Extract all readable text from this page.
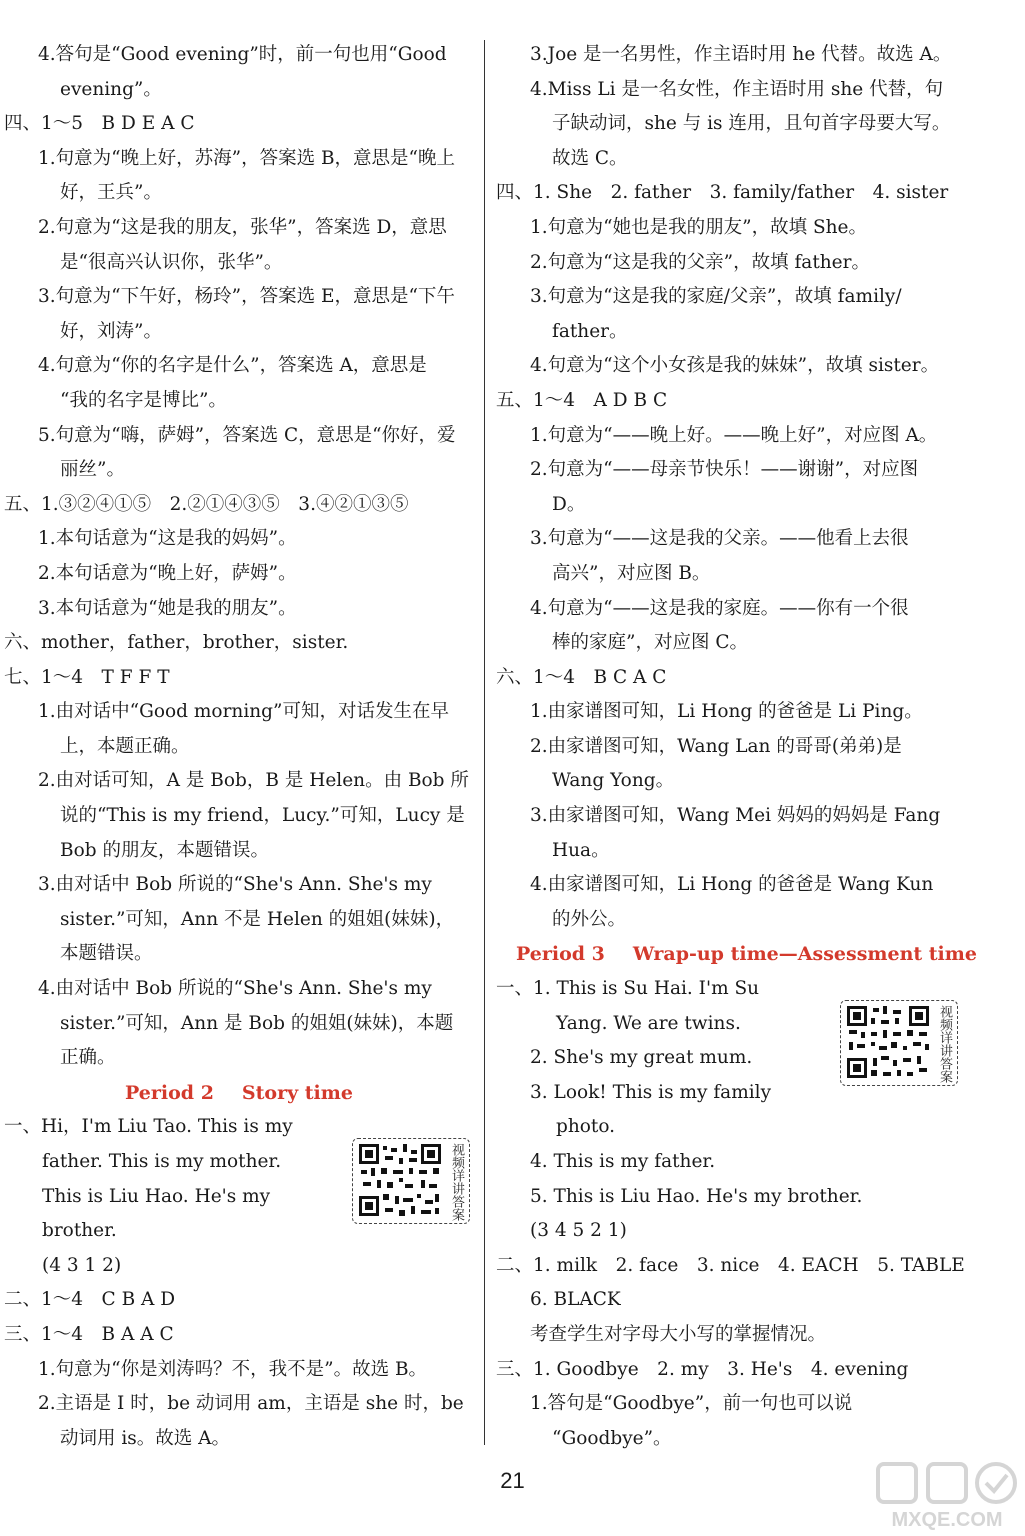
4.答句是“Good evening”时，前一句也用“Good
evening”。
四、1～5　B D E A C
1.句意为“晚上好，苏海”，答案选 B，意思是“晚上
好，王兵”。
2.句意为“这是我的朋友，张华”，答案选 D，意思
是“很高兴认识你，张华”。
3.句意为“下午好，杨玲”，答案选 E，意思是“下午
好，刘涛”。
4.句意为“你的名字是什么”，答案选 A，意思是
“我的名字是博比”。
5.句意为“嗨，萨姆”，答案选 C，意思是“你好，爱
丽丝”。
五、1.③②④①⑤　2.②①④③⑤　3.④②①③⑤
1.本句话意为“这是我的妈妈”。
2.本句话意为“晚上好，萨姆”。
3.本句话意为“她是我的朋友”。
六、mother，father，brother，sister.
七、1～4　T F F T
1.由对话中“Good morning”可知，对话发生在早
上，本题正确。
2.由对话可知，A 是 Bob，B 是 Helen。由 Bob 所
说的“This is my friend，Lucy.”可知，Lucy 是
Bob 的朋友，本题错误。
3.由对话中 Bob 所说的“She's Ann. She's my
sister.”可知，Ann 不是 Helen 的姐姐(妹妹)，
本题错误。
4.由对话中 Bob 所说的“She's Ann. She's my
sister.”可知，Ann 是 Bob 的姐姐(妹妹)，本题
正确。
Period 2 Story time
一、Hi，I'm Liu Tao. This is my
father. This is my mother.
This is Liu Hao. He's my
brother.
(4 3 1 2)
二、1～4　C B A D
三、1～4　B A A C
1.句意为“你是刘涛吗？不，我不是”。故选 B。
2.主语是 I 时，be 动词用 am，主语是 she 时，be
动词用 is。故选 A。
3.Joe 是一名男性，作主语时用 he 代替。故选 A。
4.Miss Li 是一名女性，作主语时用 she 代替，句
子缺动词，she 与 is 连用，且句首字母要大写。
故选 C。
四、1. She　2. father　3. family/father　4. sister
1.句意为“她也是我的朋友”，故填 She。
2.句意为“这是我的父亲”，故填 father。
3.句意为“这是我的家庭/父亲”，故填 family/
father。
4.句意为“这个小女孩是我的妹妹”，故填 sister。
五、1～4　A D B C
1.句意为“——晚上好。——晚上好”，对应图 A。
2.句意为“——母亲节快乐！——谢谢”，对应图
D。
3.句意为“——这是我的父亲。——他看上去很
高兴”，对应图 B。
4.句意为“——这是我的家庭。——你有一个很
棒的家庭”，对应图 C。
六、1～4　B C A C
1.由家谱图可知，Li Hong 的爸爸是 Li Ping。
2.由家谱图可知，Wang Lan 的哥哥(弟弟)是
Wang Yong。
3.由家谱图可知，Wang Mei 妈妈的妈妈是 Fang
Hua。
4.由家谱图可知，Li Hong 的爸爸是 Wang Kun
的外公。
Period 3 Wrap-up time—Assessment time
一、1. This is Su Hai. I'm Su
Yang. We are twins.
2. She's my great mum.
3. Look! This is my family
photo.
4. This is my father.
5. This is Liu Hao. He's my brother.
(3 4 5 2 1)
二、1. milk　2. face　3. nice　4. EACH　5. TABLE
6. BLACK
考查学生对字母大小写的掌握情况。
三、1. Goodbye　2. my　3. He's　4. evening
1.答句是“Goodbye”，前一句也可以说
“Goodbye”。
视频详讲答案
视频详讲答案
21
MXQE.COM
